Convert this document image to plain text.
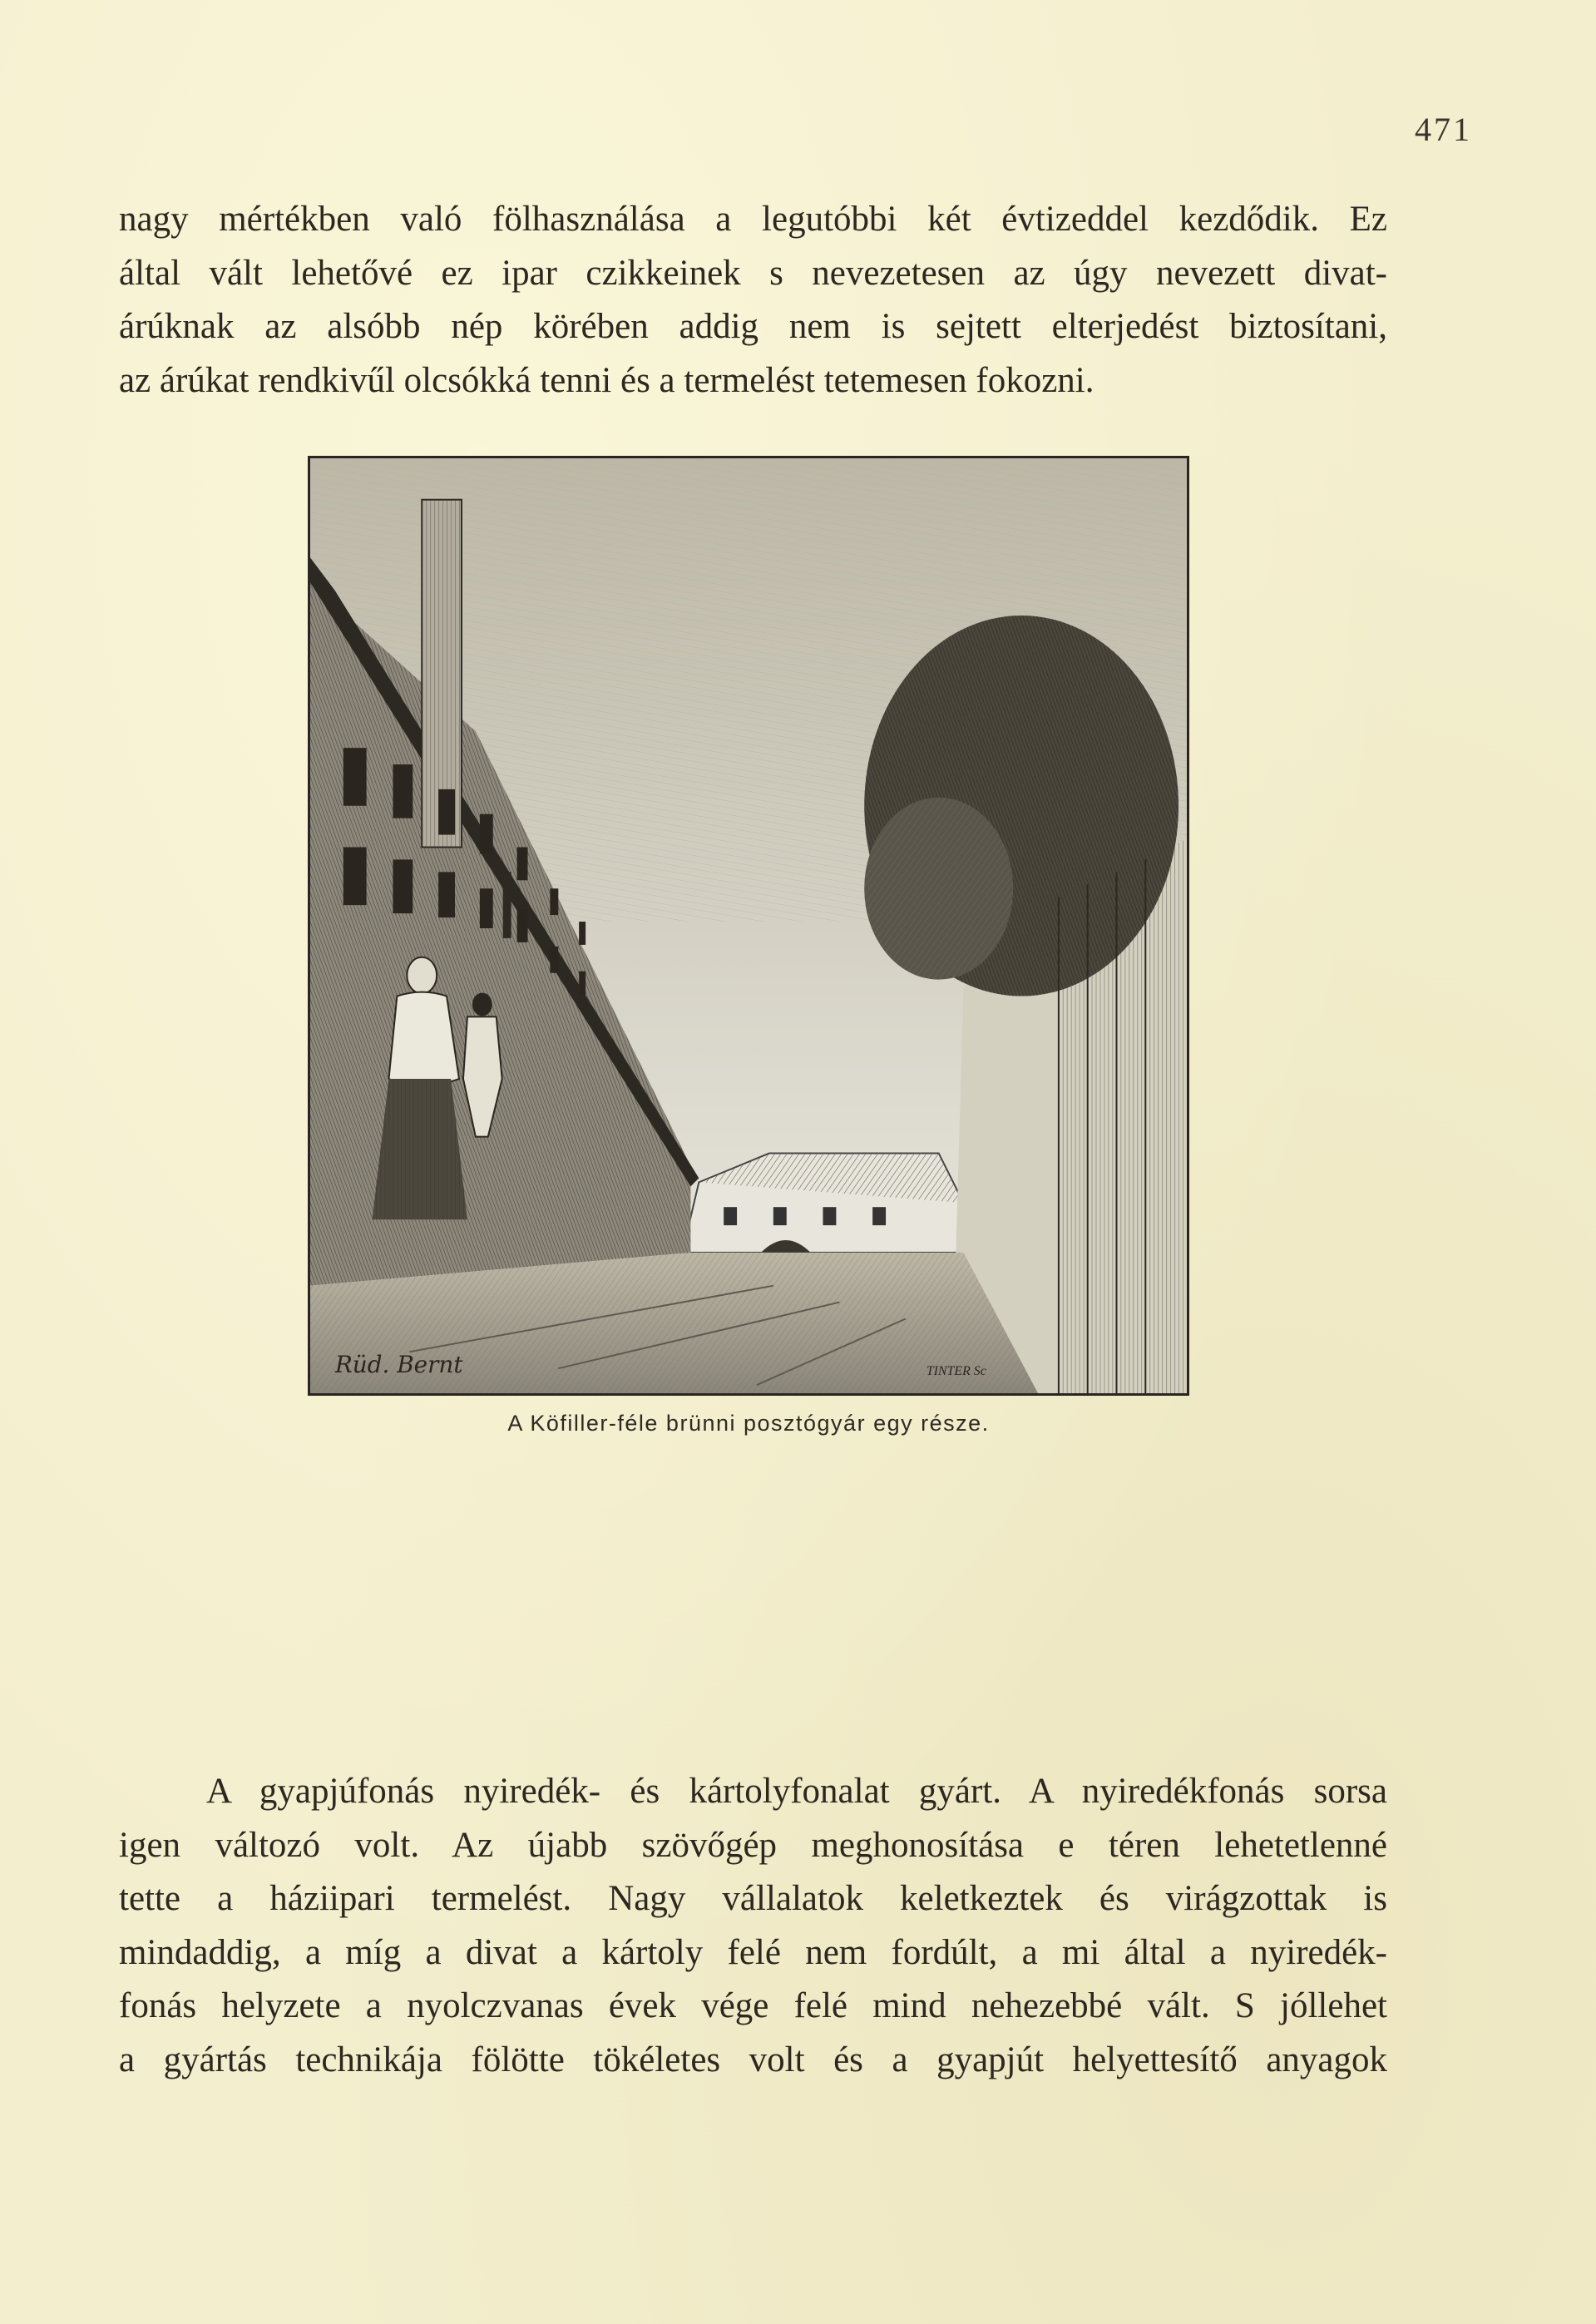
471
nagy mértékben való fölhasználása a legutóbbi két évtizeddel kezdődik. Ez
által vált lehetővé ez ipar czikkeinek s nevezetesen az úgy nevezett divat-
árúknak az alsóbb nép körében addig nem is sejtett elterjedést biztosítani,
az árúkat rendkivűl olcsókká tenni és a termelést tetemesen fokozni.
Rüd. Bernt	TINTER Sc
A Köfiller-féle brünni posztógyár egy része.
A gyapjúfonás nyiredék- és kártolyfonalat gyárt. A nyiredékfonás sorsa
igen változó volt. Az újabb szövőgép meghonosítása e téren lehetetlenné
tette a háziipari termelést. Nagy vállalatok keletkeztek és virágzottak is
mindaddig, a míg a divat a kártoly felé nem fordúlt, a mi által a nyiredék-
fonás helyzete a nyolczvanas évek vége felé mind nehezebbé vált. S jóllehet
a gyártás technikája fölötte tökéletes volt és a gyapjút helyettesítő anyagok
